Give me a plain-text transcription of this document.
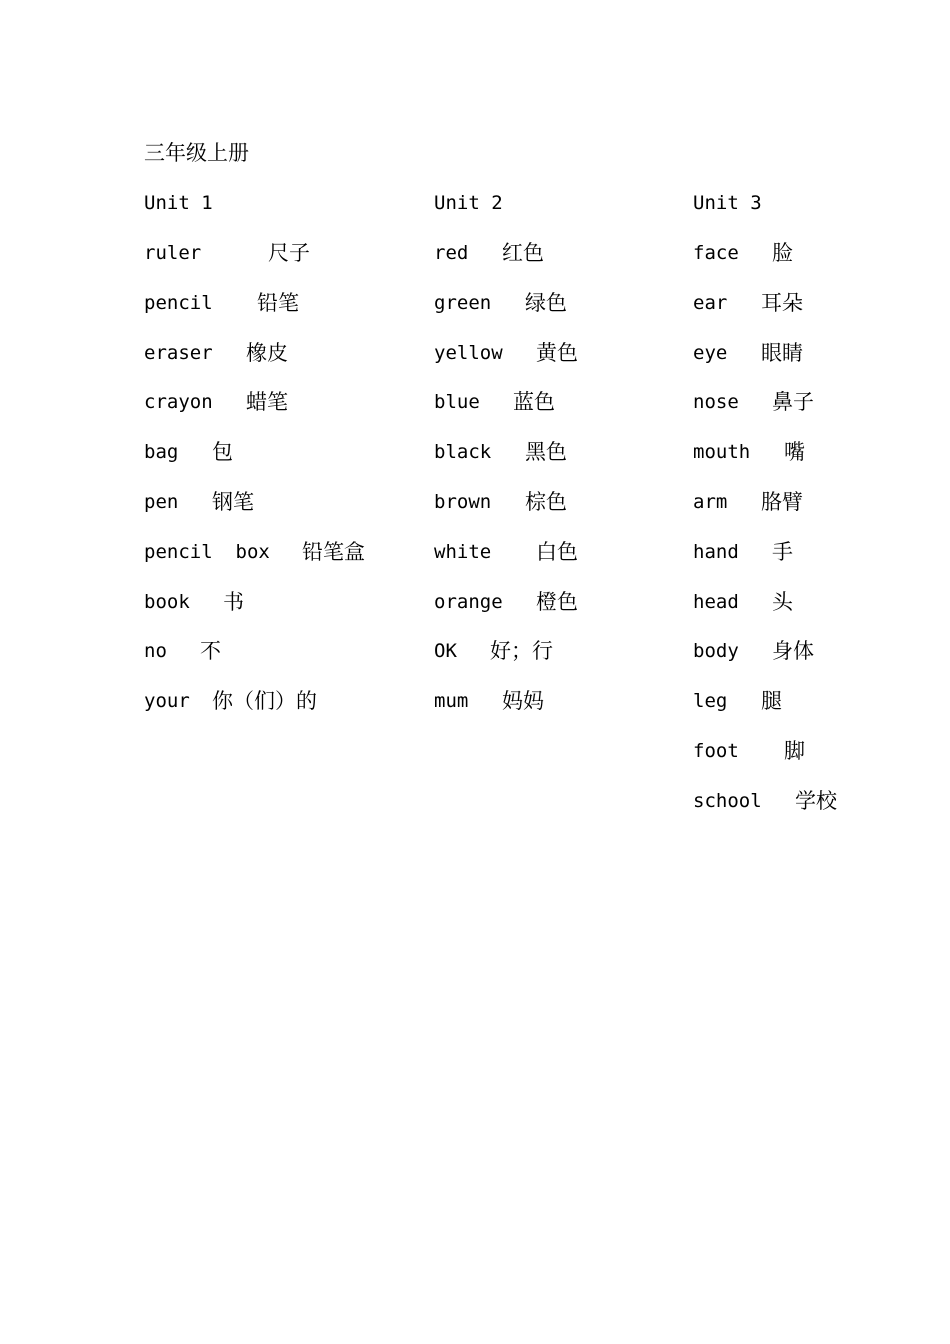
三年级上册
Unit 1
ruler	尺子
pencil 铅笔
eraser 橡皮
crayon 蜡笔
bag 包
pen 钢笔
pencil  box 铅笔盒
book 书
no 不
your 你（们）的
Unit 2
red 红色
green 绿色
yellow 黄色
blue 蓝色
black 黑色
brown 棕色
white 白色
orange 橙色
OK 好；行
mum 妈妈
Unit 3
face 脸
ear 耳朵
eye 眼睛
nose 鼻子
mouth 嘴
arm 胳臂
hand 手
head 头
body 身体
leg 腿
foot 脚
school 学校
